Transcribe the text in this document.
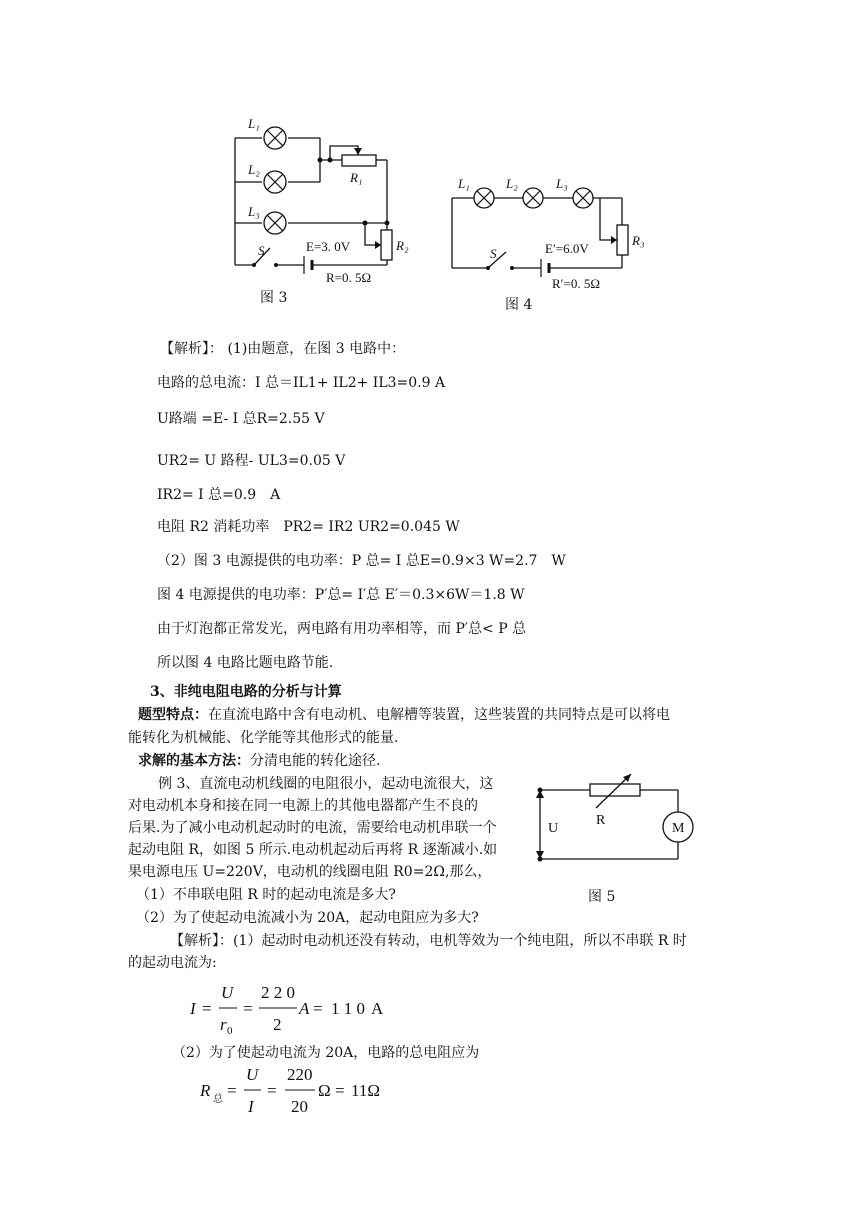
L₁
L₂
L₃
R₁
R₂
S	E=3. 0V
R=0. 5Ω
图 3
L₁	L₂	L₃
R₃
S	E′=6.0V
R′=0. 5Ω
图 4
【解析】： (1)由题意，在图 3 电路中：
电路的总电流：I 总＝IL1+ IL2+ IL3=0.9 A
U路端 =E- I 总R=2.55 V
UR2= U 路程- UL3=0.05 V
IR2= I 总=0.9　A
电阻 R2 消耗功率　PR2= IR2 UR2=0.045 W
（2）图 3 电源提供的电功率：P 总= I 总E=0.9×3 W=2.7　W
图 4 电源提供的电功率：P′总= I′总 E′＝0.3×6W＝1.8 W
由于灯泡都正常发光，两电路有用功率相等，而 P′总< P 总
所以图 4 电路比题电路节能.
3、非纯电阻电路的分析与计算
题型特点：在直流电路中含有电动机、电解槽等装置，这些装置的共同特点是可以将电
能转化为机械能、化学能等其他形式的能量.
求解的基本方法：分清电能的转化途径.
例 3、直流电动机线圈的电阻很小，起动电流很大，这
对电动机本身和接在同一电源上的其他电器都产生不良的
后果.为了减小电动机起动时的电流，需要给电动机串联一个
起动电阻 R，如图 5 所示.电动机起动后再将 R 逐渐减小.如
果电源电压 U=220V，电动机的线圈电阻 R0=2Ω,那么，
（1）不串联电阻 R 时的起动电流是多大?
（2）为了使起动电流减小为 20A，起动电阻应为多大?
R
U	M
图 5
【解析】：(1）起动时电动机还没有转动，电机等效为一个纯电阻，所以不串联 R 时
的起动电流为:
I =
U
r 0
=
2 2 0
2
A = 1 1 0 A
（2）为了使起动电流为 20A，电路的总电阻应为
R 总 =
U
I
=
220
20
Ω = 11Ω
